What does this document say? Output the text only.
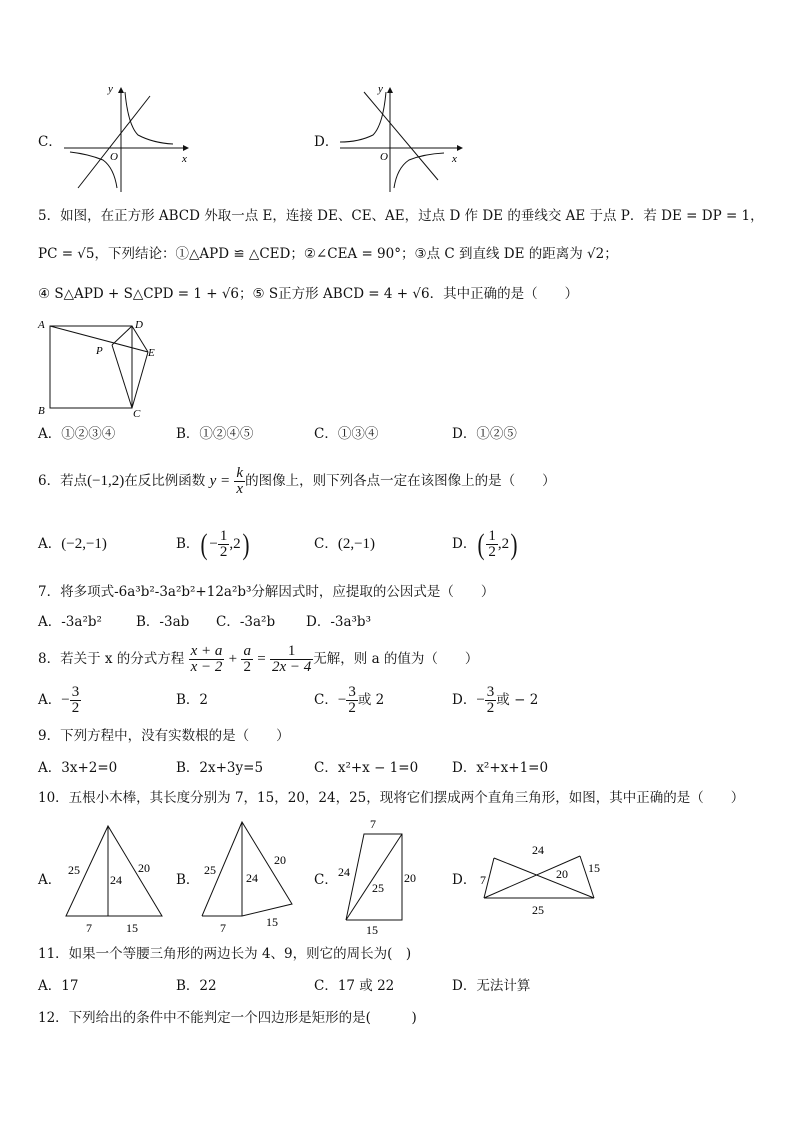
C．
x
y
O
D．
x
y
O
5．如图，在正方形 ABCD 外取一点 E，连接 DE、CE、AE，过点 D 作 DE 的垂线交 AE 于点 P．若 DE = DP = 1，
PC = √5，下列结论：①△APD ≌ △CED；②∠CEA = 90°；③点 C 到直线 DE 的距离为 √2；
④ S△APD + S△CPD = 1 + √6；⑤ S正方形 ABCD = 4 + √6．其中正确的是（　　）
A
B	C
D
E
P
A．①②③④	B．①②④⑤	C．①③④	D．①②⑤
6．若点(−1,2)在反比例函数 $y = \frac{k}{x}$ 的图像上，则下列各点一定在该图像上的是（　　）
A．(−2,−1)	B．( − $\frac{1}{2} ,2$)	C．(2,−1)	D．( $\frac{1}{2} ,2$)
7．将多项式-6a³b²-3a²b²+12a²b³分解因式时，应提取的公因式是（　　）
A．-3a²b²	B．-3ab C．-3a²b D．-3a³b³
8．若关于 x 的分式方程 $\frac{x + a}{x - 2} + \frac{a}{2} = \frac{1}{2x - 4}$ 无解，则 a 的值为（　　）
A．− $\frac{3}{2}$	B．2	C．− $\frac{3}{2}$ 或 2	D．− $\frac{3}{2}$ 或 − 2
9．下列方程中，没有实数根的是（　　）
A．3x+2=0	B．2x+3y=5	C．x²+x − 1=0	D．x²+x+1=0
10．五根小木棒，其长度分别为 7，15，20，24，25，现将它们摆成两个直角三角形，如图，其中正确的是（　　）
A．
25
24
20
7	15
B．
25
24
20
7	15
C．
7
24
25
20
15
D． 7
24
20 15
25
11．如果一个等腰三角形的两边长为 4、9，则它的周长为(　)
A．17	B．22	C．17 或 22	D．无法计算
12．下列给出的条件中不能判定一个四边形是矩形的是(　　　)
